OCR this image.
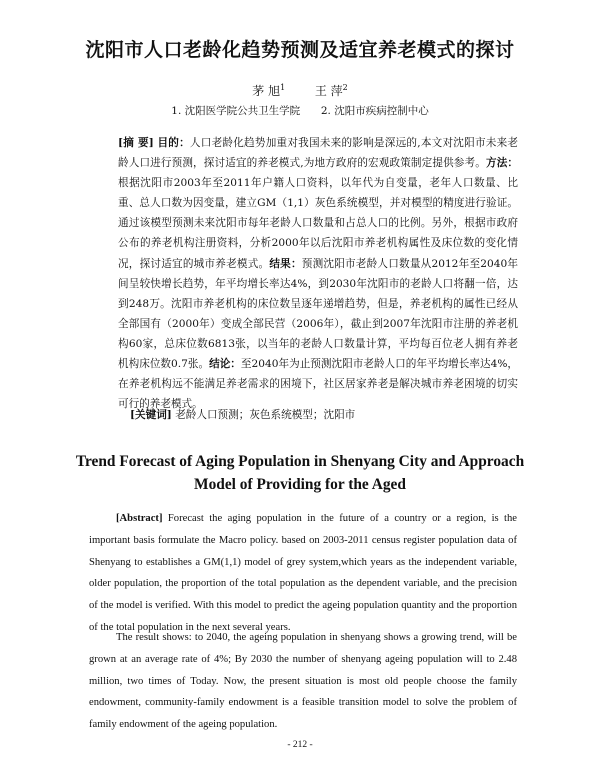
沈阳市人口老龄化趋势预测及适宜养老模式的探讨
茅 旭$^1$ 王 萍$^2$
1. 沈阳医学院公共卫生学院 2. 沈阳市疾病控制中心

[摘 要] 目的：人口老龄化趋势加重对我国未来的影响是深远的,本文对沈阳市未来老龄人口进行预测，探讨适宜的养老模式,为地方政府的宏观政策制定提供参考。方法：根据沈阳市2003年至2011年户籍人口资料，以年代为自变量，老年人口数量、比重、总人口数为因变量，建立GM（1,1）灰色系统模型，并对模型的精度进行验证。通过该模型预测未来沈阳市每年老龄人口数量和占总人口的比例。另外，根据市政府公布的养老机构注册资料，分析2000年以后沈阳市养老机构属性及床位数的变化情况，探讨适宜的城市养老模式。结果：预测沈阳市老龄人口数量从2012年至2040年间呈较快增长趋势，年平均增长率达4%，到2030年沈阳市的老龄人口将翻一倍，达到248万。沈阳市养老机构的床位数呈逐年递增趋势，但是，养老机构的属性已经从全部国有（2000年）变成全部民营（2006年），截止到2007年沈阳市注册的养老机构60家，总床位数6813张，以当年的老龄人口数量计算，平均每百位老人拥有养老机构床位数0.7张。结论：至2040年为止预测沈阳市老龄人口的年平均增长率达4%，在养老机构远不能满足养老需求的困境下，社区居家养老是解决城市养老困境的切实可行的养老模式。

[关键词] 老龄人口预测；灰色系统模型；沈阳市
Trend Forecast of Aging Population in Shenyang City and Approach
Model of Providing for the Aged

[Abstract] Forecast the aging population in the future of a country or a region, is the important basis formulate the Macro policy. based on 2003-2011 census register population data of Shenyang to establishes a GM(1,1) model of grey system,which years as the independent variable, older population, the proportion of the total population as the dependent variable, and the precision of the model is verified. With this model to predict the ageing population quantity and the proportion of the total population in the next several years.

The result shows: to 2040, the ageing population in shenyang shows a growing trend, will be grown at an average rate of 4%; By 2030 the number of shenyang ageing population will to 2.48 million, two times of Today. Now, the present situation is most old people choose the family endowment, community-family endowment is a feasible transition model to solve the problem of family endowment of the ageing population.

- 212 -
